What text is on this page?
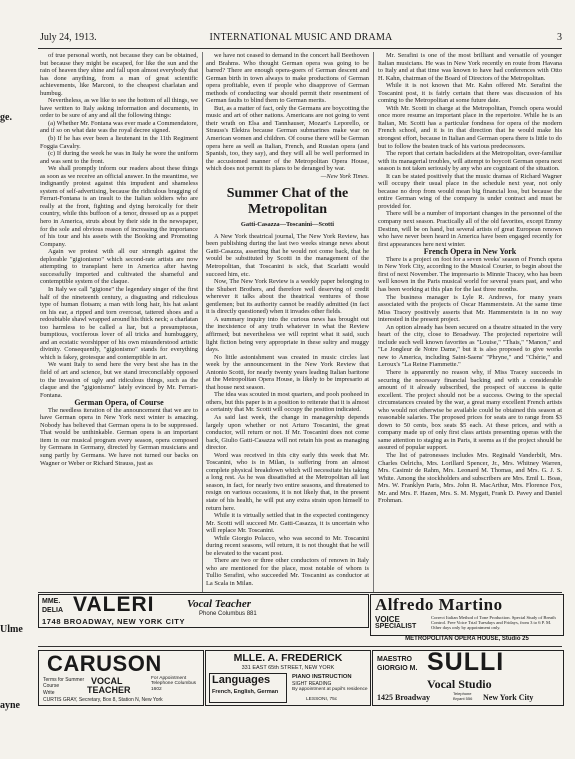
ge.
Ulme
ayne
July 24, 1913.	INTERNATIONAL MUSIC AND DRAMA	3

of true personal worth, not because they can be obtained, but because they might be escaped, for like the sun and the rain of heaven they shine and fall upon almost everybody that has done anything, from a man of great scientific achievements, like Marconi, to the cheapest charlatan and humbug.

Nevertheless, as we like to see the bottom of all things, we have written to Italy asking information and documents, in order to be sure of any and all the following things:

(a) Whether Mr. Fontana was ever made a Commendatore, and if so on what date was the royal decree signed.

(b) If he has ever been a lieutenant in the 11th Regiment Foggia Cavalry.

(c) If during the week he was in Italy he wore the uniform and was sent to the front.

We shall promptly inform our readers about these things as soon as we receive an official answer. In the meantime, we indignantly protest against this impudent and shameless system of self-advertising, because the ridiculous bragging of Ferrari-Fontana is an insult to the Italian soldiers who are really at the front, fighting and dying heroically for their country, while this buffoon of a tenor, dressed up as a puppet hero in America, struts about by their side in the newspaper, for the sole and obvious reason of increasing the importance of his tour and his assets with the Booking and Promoting Company.

Again we protest with all our strength against the deplorable "gigionismo" which second-rate artists are now attempting to transplant here in America after having successfully imported and cultivated the shameful and contemptible system of the claque.

In Italy we call "gigione" the legendary singer of the first half of the nineteenth century, a disgusting and ridiculous type of human flotsam; a man with long hair, his hat aslant on his ear, a ripped and torn overcoat, tattered shoes and a redoubtable shawl wrapped around his thick neck; a charlatan too harmless to be called a liar, but a presumptuous, bumptious, vociferous lover of all tricks and humbuggery, and an ecstatic worshipper of his own misunderstood artistic divinity. Consequently, "gigionismo" stands for everything which is fakey, grotesque and contemptible in art.

We want Italy to send here the very best she has in the field of art and science, but we stand irreconcilably opposed to the invasion of ugly and ridiculous things, such as the claque and the "gigionismo" lately evinced by Mr. Ferrari-Fontana.

German Opera, of Course

The needless iteration of the announcement that we are to have German opera in New York next winter is amazing. Nobody has believed that German opera is to be suppressed. That would be unthinkable. German opera is an important item in our musical program every season, opera composed by Germans in Germany, directed by German musicians and sung partly by Germans. We have not turned our backs on Wagner or Weber or Richard Strauss, just as

we have not ceased to demand in the concert hall Beethoven and Brahms. Who thought German opera was going to be barred? There are enough opera-goers of German descent and German birth in town always to make productions of German opera profitable, even if people who disapprove of German methods of conducting war should permit their resentment of German faults to blind them to German merits.

But, as a matter of fact, only the Germans are boycotting the music and art of other nations. Americans are not going to vent their wrath on Elsa and Tannhauser, Mozart's Leporello, or Strauss's Elektra because German submarines make war on American women and children. Of course there will be German opera here as well as Italian, French, and Russian opera (and Spanish, too, they say), and they will all be well performed in the accustomed manner of the Metropolitan Opera House, which does not permit its plans to be deranged by war.

—New York Times.
Summer Chat of the Metropolitan
Gatti-Casazza—Toscanini—Scotti

A New York theatrical journal, The New York Review, has been publishing during the last two weeks strange news about Gatti-Casazza, asserting that he would not come back, that he would be substituted by Scotti in the management of the Metropolitan, that Toscanini is sick, that Scarlatti would succeed him, etc.

Now, The New York Review is a weekly paper belonging to the Shubert Brothers, and therefore well deserving of credit wherever it talks about the theatrical ventures of those gentlemen; but its authority cannot be readily admitted (in fact it is directly questioned) when it invades other fields.

A summary inquiry into the curious news has brought out the inexistence of any truth whatever in what the Review affirmed; but nevertheless we will reprint what it said, such light fiction being very appropriate in these sultry and muggy days.

No little astonishment was created in music circles last week by the announcement in the New York Review that Antonio Scotti, for nearly twenty years leading Italian baritone at the Metropolitan Opera House, is likely to be impresario at that house next season.

The idea was scouted in most quarters, and pooh pooheed in others, but this paper is in a position to reiterate that it is almost a certainty that Mr. Scotti will occupy the position indicated.

As said last week, the change in managership depends largely upon whether or not Arturo Toscanini, the great conductor, will return or not. If Mr. Toscanini does not come back, Giulio Gatti-Casazza will not retain his post as managing director.

Word was received in this city early this week that Mr. Toscanini, who is in Milan, is suffering from an almost complete physical breakdown which will necessitate his taking a long rest. As he was dissatisfied at the Metropolitan all last season, in fact, for nearly two entire seasons, and threatened to resign on various occasions, it is not likely that, in the present state of his health, he will put any extra strain upon himself to return here.

While it is virtually settled that in the expected contingency Mr. Scotti will succeed Mr. Gatti-Casazza, it is uncertain who will replace Mr. Toscanini.

While Giorgio Polacco, who was second to Mr. Toscanini during recent seasons, will return, it is not thought that he will be elevated to the vacant post.

There are two or three other conductors of renown in Italy who are mentioned for the place, most notable of whom is Tullio Serafini, who succeeded Mr. Toscanini as conductor at La Scala in Milan.

Mr. Serafini is one of the most brilliant and versatile of younger Italian musicians. He was in New York recently en route from Havana to Italy and at that time was known to have had conferences with Otto H. Kahn, chairman of the Board of Directors of the Metropolitan.

While it is not known that Mr. Kahn offered Mr. Serafini the Toscanini post, it is fairly certain that there was discussion of his coming to the Metropolitan at some future date.

With Mr. Scotti in charge at the Metropolitan, French opera would once more resume an important place in the repertoire. While he is an Italian, Mr. Scotti has a particular fondness for opera of the modern French school, and it is in that direction that he would make his strongest effort, because in Italian and German opera there is little to do but to follow the beaten track of his various predecessors.

The report that certain backsliders at the Metropolitan, over-familiar with its managerial troubles, will attempt to boycott German opera next season is not taken seriously by any who are cognizant of the situation.

It can be stated positively that the music dramas of Richard Wagner will occupy their usual place in the schedule next year, not only because no drop from would mean big financial loss, but because the entire German wing of the company is under contract and must be provided for.

There will be a number of important changes in the personnel of the company next season. Practically all of the old favorites, except Emmy Destinn, will be on hand, but several artists of great European renown who have never been heard in America have been engaged recently for first appearances here next winter.

French Opera in New York

There is a project on foot for a seven weeks' season of French opera in New York City, according to the Musical Courier, to begin about the first of next November. The impresario is Minnie Tracey, who has been well known in the Paris musical world for several years past, and who has been working at this plan for the last three months.

The business manager is Lyle R. Andrews, for many years associated with the projects of Oscar Hammerstein. At the same time Miss Tracey positively asserts that Mr. Hammerstein is in no way interested in the present project.

An option already has been secured on a theatre situated in the very heart of the city, close to Broadway. The projected repertoire will include such well known favorites as "Louise," "Thais," "Manon," and "Le Jongleur de Notre Dame," but it is also proposed to give works new to America, including Saint-Saens' "Phryne," and "Chérie," and Leroux's "La Reine Fiammette."

There is apparently no reason why, if Miss Tracey succeeds in securing the necessary financial backing and with a considerable amount of it already subscribed, the prospect of success is quite excellent. The project should not be a success. Owing to the special circumstances created by the war, a great many excellent French artists who would not otherwise be available could be obtained this season at reasonable salaries. The proposed prices for seats are to range from $3 down to 50 cents, box seats $5 each. At these prices, and with a company made up of only first class artists presenting operas with the same attention to staging as in Paris, it seems as if the project should be assured of popular support.

The list of patronesses includes Mrs. Reginald Vanderbilt, Mrs. Charles Oelrichs, Mrs. Lorillard Spencer, Jr., Mrs. Whitney Warren, Mrs. Casimir de Rahm, Mrs. Leonard M. Thomas, and Mrs. G. J. S. White. Among the stockholders and subscribers are Mrs. Emil L. Boas, Mrs. W. Franklyn Paris, Mrs. John R. MacArthur, Mrs. Florence Fox, Mr. and Mrs. F. Hazen, Mrs. S. M. Mygatt, Frank D. Pavey and Daniel Frohman.

MME.
DELIA VALERI	Vocal Teacher
Phone Columbus 881
1748 BROADWAY, NEW YORK CITY
Alfredo Martino
VOICE
SPECIALIST
Correct Italian Method of Tone Production. Special Study of Breath Control. Free Voice Trial Tuesdays and Fridays, from 3 to 6 P. M. Other days only by appointment only.
METROPOLITAN OPERA HOUSE, Studio 25
CARUSON
Terms for Summer Course
Write
VOCAL
TEACHER
For Appointment Telephone Columbus 1602
CURTIS GRAY, Secretary, Box 8, Station N, New York
MLLE. A. FREDERICK
331 EAST 65th STREET, NEW YORK
Languages
French, English, German
PIANO INSTRUCTION
SIGHT READING
By appointment at pupil's residence
LESSONI, 75c
MAESTRO
GIORGIO M. SULLI
Vocal Studio
1425 Broadway	Telephone Bryant 556	New York City
